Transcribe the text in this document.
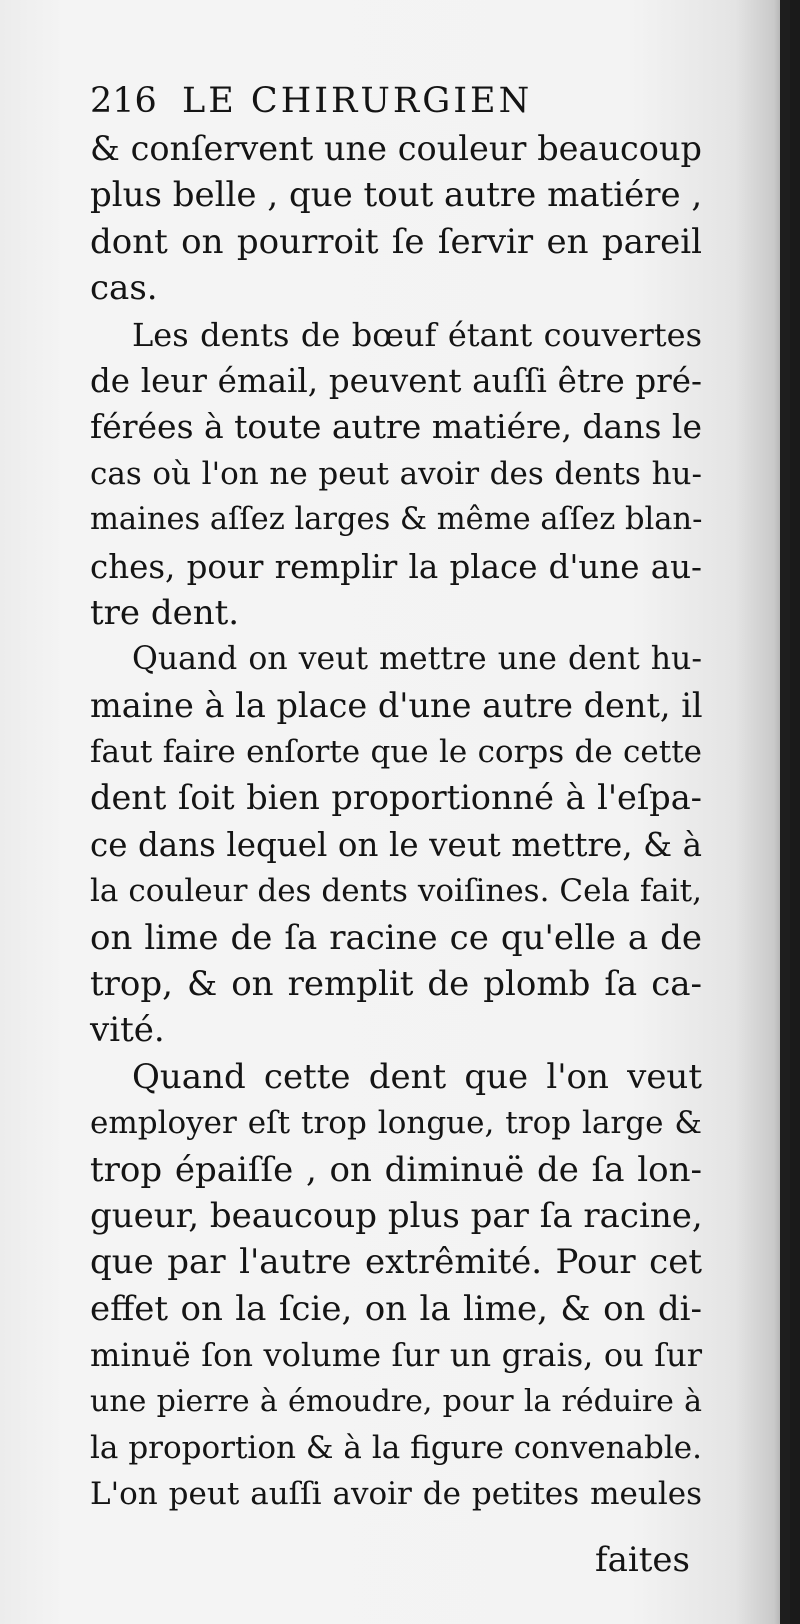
216 LE CHIRURGIEN
& conſervent une couleur beaucoup
plus belle , que tout autre matiére ,
dont on pourroit ſe ſervir en pareil
cas.
Les dents de bœuf étant couvertes
de leur émail, peuvent auſſi être pré-
férées à toute autre matiére, dans le
cas où l'on ne peut avoir des dents hu-
maines aſſez larges & même aſſez blan-
ches, pour remplir la place d'une au-
tre dent.
Quand on veut mettre une dent hu-
maine à la place d'une autre dent, il
faut faire enſorte que le corps de cette
dent ſoit bien proportionné à l'eſpa-
ce dans lequel on le veut mettre, & à
la couleur des dents voiſines. Cela fait,
on lime de ſa racine ce qu'elle a de
trop, & on remplit de plomb ſa ca-
vité.
Quand cette dent que l'on veut
employer eſt trop longue, trop large &
trop épaiſſe , on diminuë de ſa lon-
gueur, beaucoup plus par ſa racine,
que par l'autre extrêmité. Pour cet
effet on la ſcie, on la lime, & on di-
minuë ſon volume ſur un grais, ou ſur
une pierre à émoudre, pour la réduire à
la proportion & à la figure convenable.
L'on peut auſſi avoir de petites meules
faites
